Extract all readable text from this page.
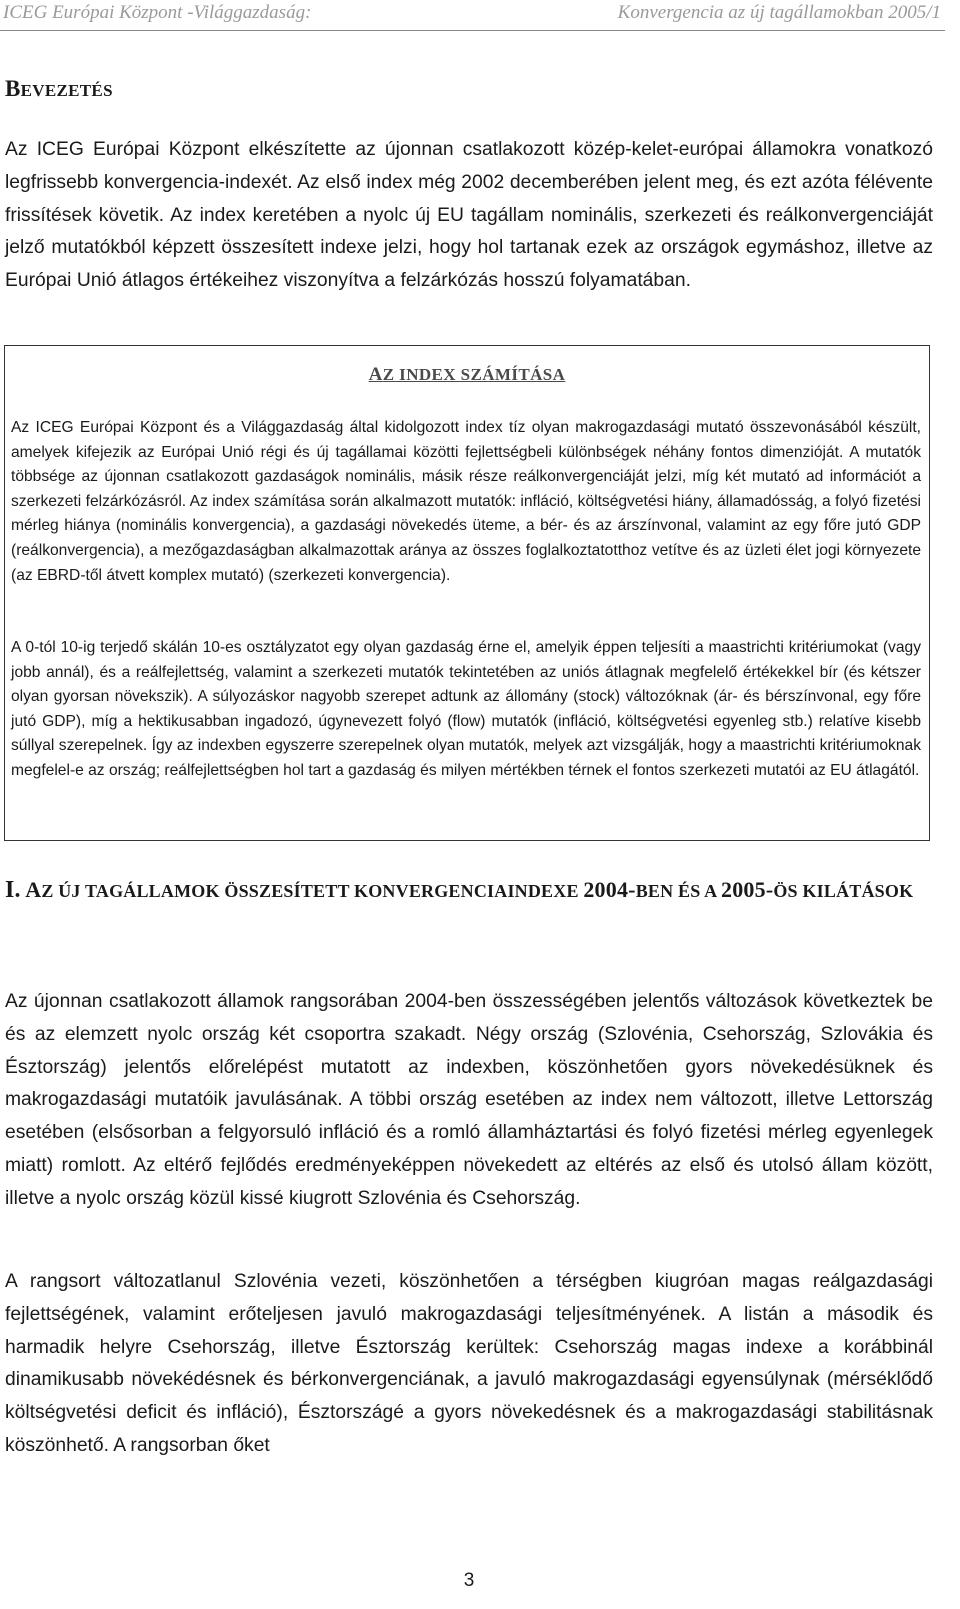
ICEG Európai Központ -Világgazdaság:	Konvergencia az új tagállamokban 2005/1
BEVEZETÉS

Az ICEG Európai Központ elkészítette az újonnan csatlakozott közép-kelet-európai államokra vonatkozó legfrissebb konvergencia-indexét. Az első index még 2002 decemberében jelent meg, és ezt azóta félévente frissítések követik. Az index keretében a nyolc új EU tagállam nominális, szerkezeti és reálkonvergenciáját jelző mutatókból képzett összesített indexe jelzi, hogy hol tartanak ezek az országok egymáshoz, illetve az Európai Unió átlagos értékeihez viszonyítva a felzárkózás hosszú folyamatában.

AZ INDEX SZÁMÍTÁSA

Az ICEG Európai Központ és a Világgazdaság által kidolgozott index tíz olyan makrogazdasági mutató összevonásából készült, amelyek kifejezik az Európai Unió régi és új tagállamai közötti fejlettségbeli különbségek néhány fontos dimenzióját. A mutatók többsége az újonnan csatlakozott gazdaságok nominális, másik része reálkonvergenciáját jelzi, míg két mutató ad információt a szerkezeti felzárkózásról. Az index számítása során alkalmazott mutatók: infláció, költségvetési hiány, államadósság, a folyó fizetési mérleg hiánya (nominális konvergencia), a gazdasági növekedés üteme, a bér- és az árszínvonal, valamint az egy főre jutó GDP (reálkonvergencia), a mezőgazdaságban alkalmazottak aránya az összes foglalkoztatotthoz vetítve és az üzleti élet jogi környezete (az EBRD-től átvett komplex mutató) (szerkezeti konvergencia).

A 0-tól 10-ig terjedő skálán 10-es osztályzatot egy olyan gazdaság érne el, amelyik éppen teljesíti a maastrichti kritériumokat (vagy jobb annál), és a reálfejlettség, valamint a szerkezeti mutatók tekintetében az uniós átlagnak megfelelő értékekkel bír (és kétszer olyan gyorsan növekszik). A súlyozáskor nagyobb szerepet adtunk az állomány (stock) változóknak (ár- és bérszínvonal, egy főre jutó GDP), míg a hektikusabban ingadozó, úgynevezett folyó (flow) mutatók (infláció, költségvetési egyenleg stb.) relatíve kisebb súllyal szerepelnek. Így az indexben egyszerre szerepelnek olyan mutatók, melyek azt vizsgálják, hogy a maastrichti kritériumoknak megfelel-e az ország; reálfejlettségben hol tart a gazdaság és milyen mértékben térnek el fontos szerkezeti mutatói az EU átlagától.

I. AZ ÚJ TAGÁLLAMOK ÖSSZESÍTETT KONVERGENCIAINDEXE 2004-BEN ÉS A 2005-ÖS KILÁTÁSOK

Az újonnan csatlakozott államok rangsorában 2004-ben összességében jelentős változások következtek be és az elemzett nyolc ország két csoportra szakadt. Négy ország (Szlovénia, Csehország, Szlovákia és Észtország) jelentős előrelépést mutatott az indexben, köszönhetően gyors növekedésüknek és makrogazdasági mutatóik javulásának. A többi ország esetében az index nem változott, illetve Lettország esetében (elsősorban a felgyorsuló infláció és a romló államháztartási és folyó fizetési mérleg egyenlegek miatt) romlott. Az eltérő fejlődés eredményeképpen növekedett az eltérés az első és utolsó állam között, illetve a nyolc ország közül kissé kiugrott Szlovénia és Csehország.

A rangsort változatlanul Szlovénia vezeti, köszönhetően a térségben kiugróan magas reálgazdasági fejlettségének, valamint erőteljesen javuló makrogazdasági teljesítményének. A listán a második és harmadik helyre Csehország, illetve Észtország kerültek: Csehország magas indexe a korábbinál dinamikusabb növekédésnek és bérkonvergenciának, a javuló makrogazdasági egyensúlynak (mérséklődő költségvetési deficit és infláció), Észtországé a gyors növekedésnek és a makrogazdasági stabilitásnak köszönhető. A rangsorban őket

3
